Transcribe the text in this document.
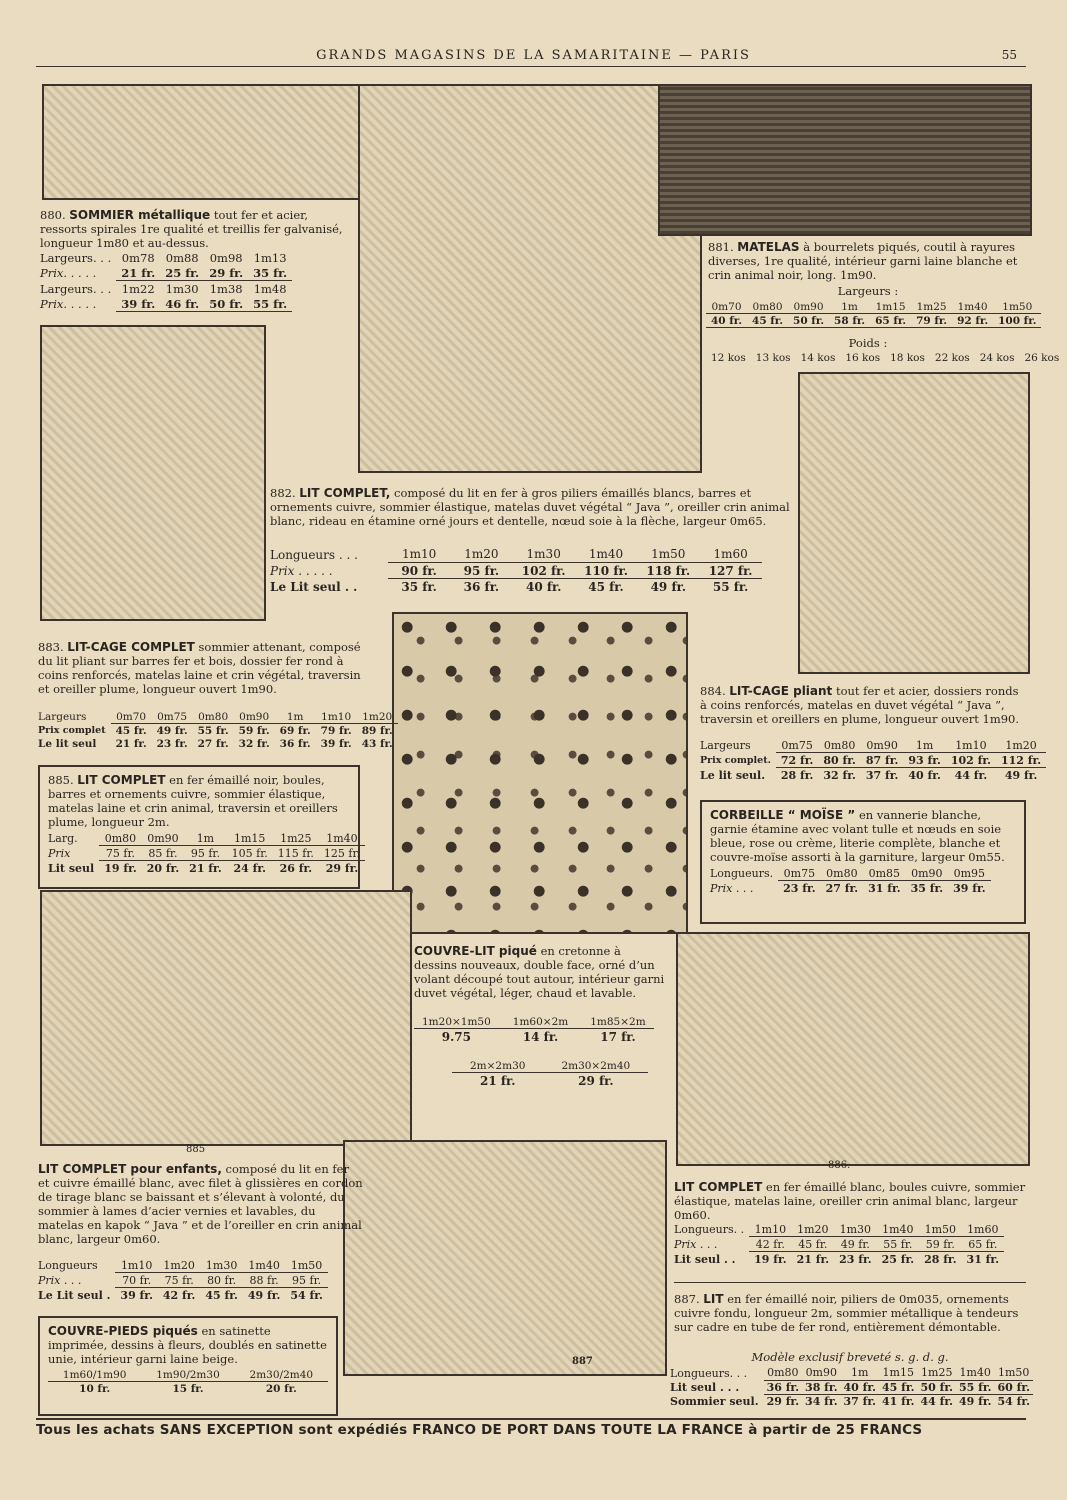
GRANDS MAGASINS DE LA SAMARITAINE — PARIS	55
885
886.
887
880. SOMMIER métallique tout fer et acier, ressorts spirales 1re qualité et treillis fer galvanisé, longueur 1m80 et au-dessus.
Largeurs. . .	0m78	0m88	0m98	1m13
Prix. . . . .	21 fr.	25 fr.	29 fr.	35 fr.
Largeurs. . .	1m22	1m30	1m38	1m48
Prix. . . . .	39 fr.	46 fr.	50 fr.	55 fr.
881. MATELAS à bourrelets piqués, coutil à rayures diverses, 1re qualité, intérieur garni laine blanche et crin animal noir, long. 1m90.
Largeurs :
0m70	0m80	0m90	1m	1m15	1m25	1m40	1m50
40 fr.	45 fr.	50 fr.	58 fr.	65 fr.	79 fr.	92 fr.	100 fr.
Poids :
12 kos	13 kos	14 kos	16 kos	18 kos	22 kos	24 kos	26 kos
882. LIT COMPLET, composé du lit en fer à gros piliers émaillés blancs, barres et ornements cuivre, sommier élastique, matelas duvet végétal “ Java ”, oreiller crin animal blanc, rideau en étamine orné jours et dentelle, nœud soie à la flèche, largeur 0m65.
Longueurs . . .	1m10	1m20	1m30	1m40	1m50	1m60
Prix . . . . .	90 fr.	95 fr.	102 fr.	110 fr.	118 fr.	127 fr.
Le Lit seul . .	35 fr.	36 fr.	40 fr.	45 fr.	49 fr.	55 fr.
883. LIT-CAGE COMPLET sommier attenant, composé du lit pliant sur barres fer et bois, dossier fer rond à coins renforcés, matelas laine et crin végétal, traversin et oreiller plume, longueur ouvert 1m90.
Largeurs	0m70	0m75	0m80	0m90	1m	1m10	1m20
Prix complet	45 fr.	49 fr.	55 fr.	59 fr.	69 fr.	79 fr.	89 fr.
Le lit seul	21 fr.	23 fr.	27 fr.	32 fr.	36 fr.	39 fr.	43 fr.
884. LIT-CAGE pliant tout fer et acier, dossiers ronds à coins renforcés, matelas en duvet végétal “ Java ”, traversin et oreillers en plume, longueur ouvert 1m90.
Largeurs	0m75	0m80	0m90	1m	1m10	1m20
Prix complet.	72 fr.	80 fr.	87 fr.	93 fr.	102 fr.	112 fr.
Le lit seul.	28 fr.	32 fr.	37 fr.	40 fr.	44 fr.	49 fr.
885. LIT COMPLET en fer émaillé noir, boules, barres et ornements cuivre, sommier élastique, matelas laine et crin animal, traversin et oreillers plume, longueur 2m.
Larg.	0m80	0m90	1m	1m15	1m25	1m40
Prix	75 fr.	85 fr.	95 fr.	105 fr.	115 fr.	125 fr.
Lit seul	19 fr.	20 fr.	21 fr.	24 fr.	26 fr.	29 fr.
CORBEILLE “ MOÏSE ” en vannerie blanche, garnie étamine avec volant tulle et nœuds en soie bleue, rose ou crème, literie complète, blanche et couvre-moïse assorti à la garniture, largeur 0m55.
Longueurs.	0m75	0m80	0m85	0m90	0m95
Prix . . .	23 fr.	27 fr.	31 fr.	35 fr.	39 fr.
COUVRE-LIT piqué en cretonne à dessins nouveaux, double face, orné d’un volant découpé tout autour, intérieur garni duvet végétal, léger, chaud et lavable.
1m20×1m50	1m60×2m	1m85×2m
9.75	14 fr.	17 fr.
2m×2m30	2m30×2m40
21 fr.	29 fr.
LIT COMPLET pour enfants, composé du lit en fer et cuivre émaillé blanc, avec filet à glissières en cordon de tirage blanc se baissant et s’élevant à volonté, du sommier à lames d’acier vernies et lavables, du matelas en kapok “ Java ” et de l’oreiller en crin animal blanc, largeur 0m60.
Longueurs	1m10	1m20	1m30	1m40	1m50
Prix . . .	70 fr.	75 fr.	80 fr.	88 fr.	95 fr.
Le Lit seul .	39 fr.	42 fr.	45 fr.	49 fr.	54 fr.
COUVRE-PIEDS piqués en satinette imprimée, dessins à fleurs, doublés en satinette unie, intérieur garni laine beige.
1m60/1m90	1m90/2m30	2m30/2m40
10 fr.	15 fr.	20 fr.
LIT COMPLET en fer émaillé blanc, boules cuivre, sommier élastique, matelas laine, oreiller crin animal blanc, largeur 0m60.
Longueurs. .	1m10	1m20	1m30	1m40	1m50	1m60
Prix . . .	42 fr.	45 fr.	49 fr.	55 fr.	59 fr.	65 fr.
Lit seul . .	19 fr.	21 fr.	23 fr.	25 fr.	28 fr.	31 fr.
887. LIT en fer émaillé noir, piliers de 0m035, ornements cuivre fondu, longueur 2m, sommier métallique à tendeurs sur cadre en tube de fer rond, entièrement démontable.
Modèle exclusif breveté s. g. d. g.
Longueurs. . .	0m80	0m90	1m	1m15	1m25	1m40	1m50
Lit seul . . .	36 fr.	38 fr.	40 fr.	45 fr.	50 fr.	55 fr.	60 fr.
Sommier seul.	29 fr.	34 fr.	37 fr.	41 fr.	44 fr.	49 fr.	54 fr.
Tous les achats SANS EXCEPTION sont expédiés FRANCO DE PORT DANS TOUTE LA FRANCE à partir de 25 FRANCS
